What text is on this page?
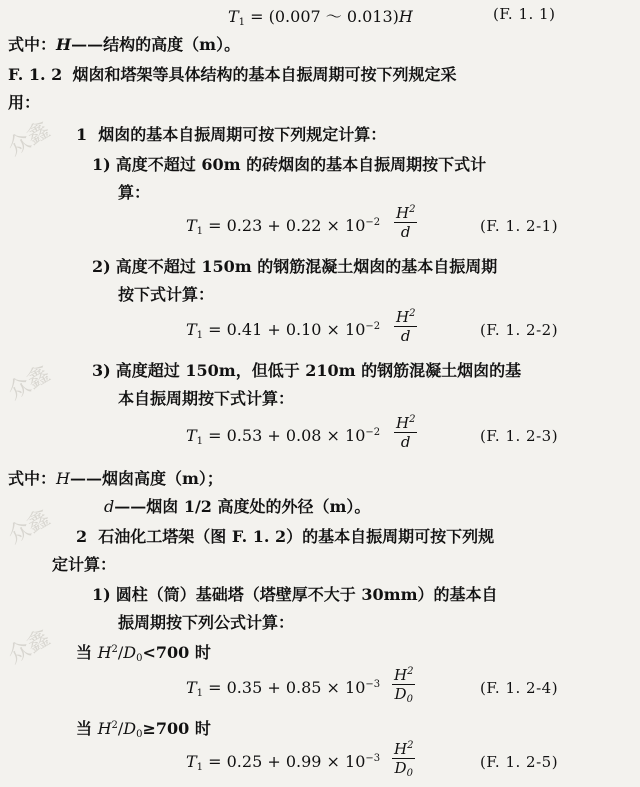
众鑫
众鑫
众鑫
众鑫
$T_1 = (0.007$ ～ 0.013)H	(F. 1. 1)
式中：H——结构的高度（m）。
F. 1. 2 烟囱和塔架等具体结构的基本自振周期可按下列规定采
用：
1 烟囱的基本自振周期可按下列规定计算：
1) 高度不超过 60m 的砖烟囱的基本自振周期按下式计
算：
$T_1 = 0.23 + 0.22 \times 10^{-2} \frac{H^2}{d}$	(F. 1. 2-1)
2) 高度不超过 150m 的钢筋混凝土烟囱的基本自振周期
按下式计算：
$T_1 = 0.41 + 0.10 \times 10^{-2} \frac{H^2}{d}$	(F. 1. 2-2)
3) 高度超过 150m，但低于 210m 的钢筋混凝土烟囱的基
本自振周期按下式计算：
$T_1 = 0.53 + 0.08 \times 10^{-2} \frac{H^2}{d}$	(F. 1. 2-3)
式中：H——烟囱高度（m）；
d——烟囱 1/2 高度处的外径（m）。
2 石油化工塔架（图 F. 1. 2）的基本自振周期可按下列规
定计算：
1) 圆柱（筒）基础塔（塔壁厚不大于 30mm）的基本自
振周期按下列公式计算：
当 $H^2/D_0<700$ 时
$T_1 = 0.35 + 0.85 \times 10^{-3} \frac{H^2}{D_0}$	(F. 1. 2-4)
当 $H^2/D_0\ge 700$ 时
$T_1 = 0.25 + 0.99 \times 10^{-3} \frac{H^2}{D_0}$	(F. 1. 2-5)
